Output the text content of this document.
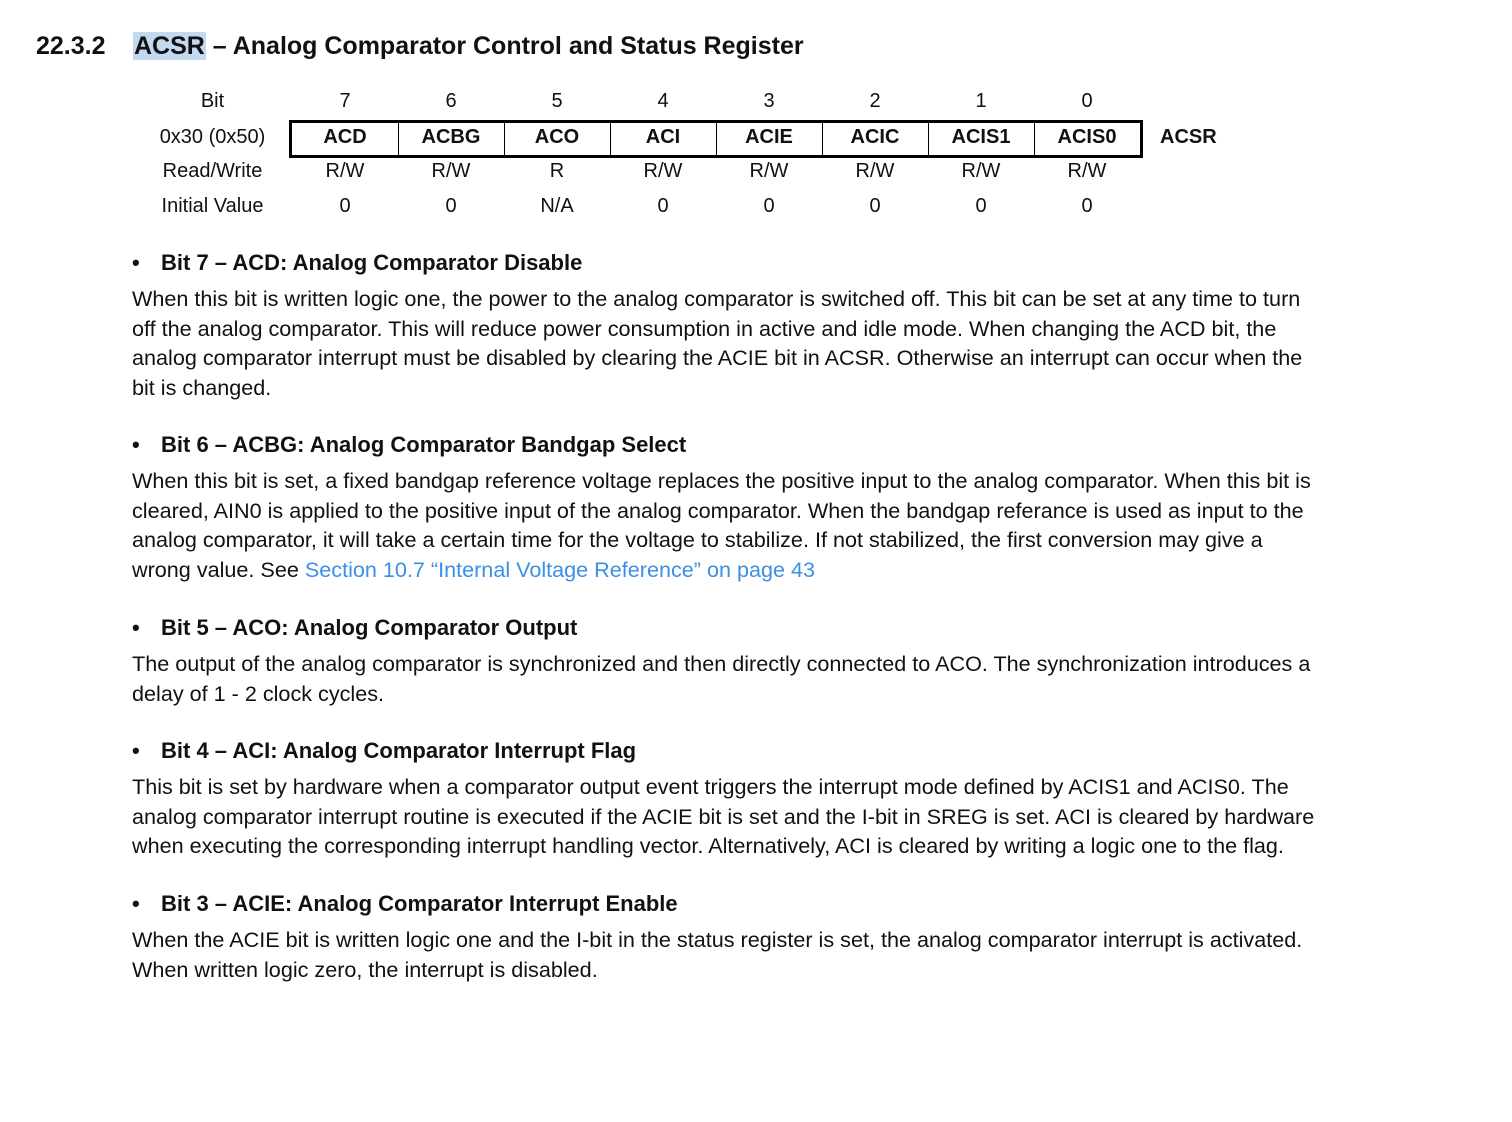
22.3.2 ACSR – Analog Comparator Control and Status Register
Bit	7	6	5	4	3	2	1	0
0x30 (0x50)	ACD	ACBG	ACO	ACI	ACIE	ACIC	ACIS1	ACIS0	ACSR
Read/Write	R/W	R/W	R	R/W	R/W	R/W	R/W	R/W
Initial Value	0	0	N/A	0	0	0	0	0
• Bit 7 – ACD: Analog Comparator Disable
When this bit is written logic one, the power to the analog comparator is switched off. This bit can be set at any time to turn
off the analog comparator. This will reduce power consumption in active and idle mode. When changing the ACD bit, the
analog comparator interrupt must be disabled by clearing the ACIE bit in ACSR. Otherwise an interrupt can occur when the
bit is changed.
• Bit 6 – ACBG: Analog Comparator Bandgap Select
When this bit is set, a fixed bandgap reference voltage replaces the positive input to the analog comparator. When this bit is
cleared, AIN0 is applied to the positive input of the analog comparator. When the bandgap referance is used as input to the
analog comparator, it will take a certain time for the voltage to stabilize. If not stabilized, the first conversion may give a
wrong value. See Section 10.7 “Internal Voltage Reference” on page 43
• Bit 5 – ACO: Analog Comparator Output
The output of the analog comparator is synchronized and then directly connected to ACO. The synchronization introduces a
delay of 1 - 2 clock cycles.
• Bit 4 – ACI: Analog Comparator Interrupt Flag
This bit is set by hardware when a comparator output event triggers the interrupt mode defined by ACIS1 and ACIS0. The
analog comparator interrupt routine is executed if the ACIE bit is set and the I-bit in SREG is set. ACI is cleared by hardware
when executing the corresponding interrupt handling vector. Alternatively, ACI is cleared by writing a logic one to the flag.
• Bit 3 – ACIE: Analog Comparator Interrupt Enable
When the ACIE bit is written logic one and the I-bit in the status register is set, the analog comparator interrupt is activated.
When written logic zero, the interrupt is disabled.
